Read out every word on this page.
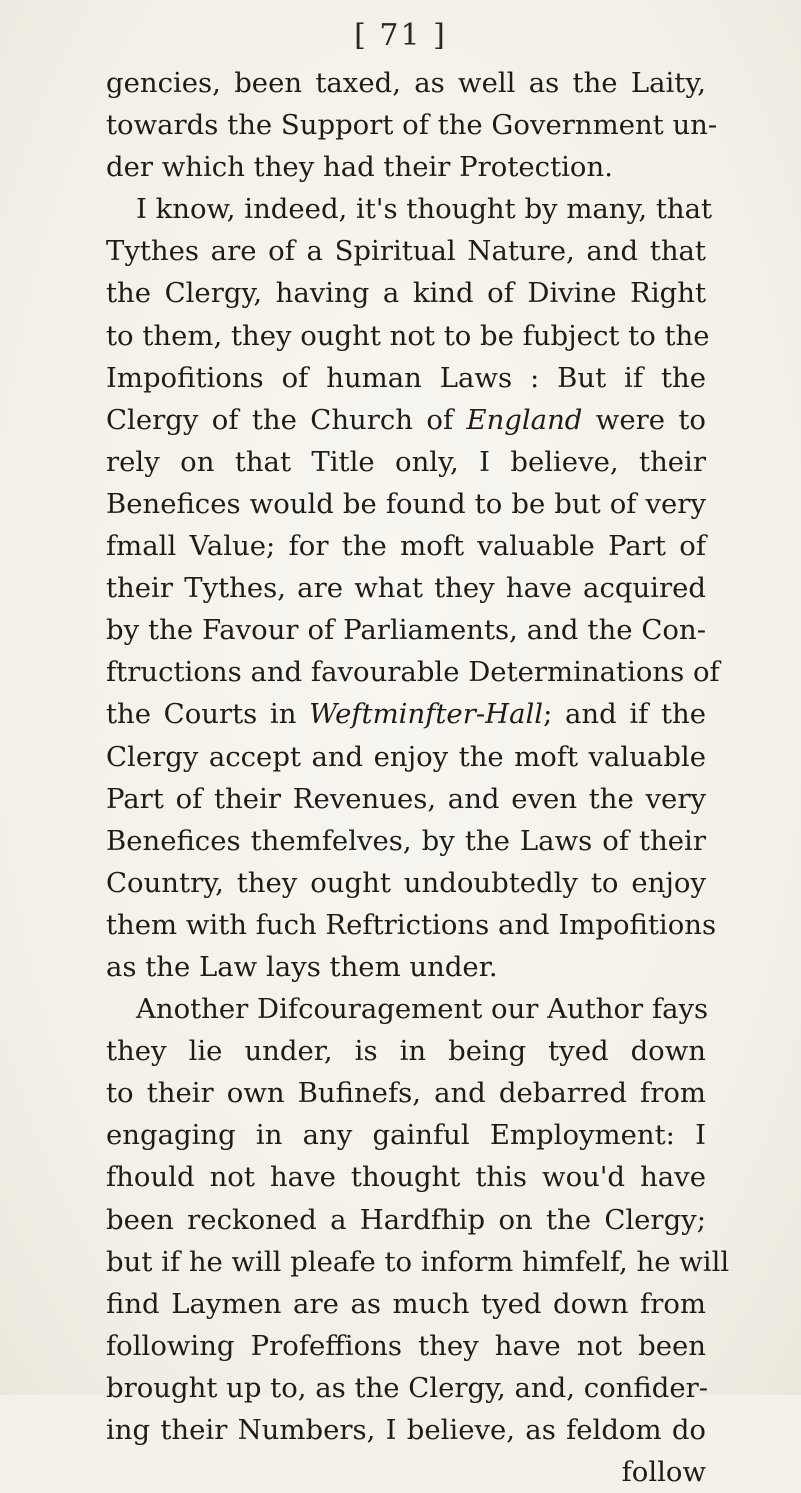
[ 71 ]
gencies, been taxed, as well as the Laity,
towards the Support of the Government un-
der which they had their Protection.
I know, indeed, it's thought by many, that
Tythes are of a Spiritual Nature, and that
the Clergy, having a kind of Divine Right
to them, they ought not to be fubject to the
Impofitions of human Laws : But if the
Clergy of the Church of England were to
rely on that Title only, I believe, their
Benefices would be found to be but of very
fmall Value; for the moft valuable Part of
their Tythes, are what they have acquired
by the Favour of Parliaments, and the Con-
ftructions and favourable Determinations of
the Courts in Weftminfter-Hall; and if the
Clergy accept and enjoy the moft valuable
Part of their Revenues, and even the very
Benefices themfelves, by the Laws of their
Country, they ought undoubtedly to enjoy
them with fuch Reftrictions and Impofitions
as the Law lays them under.
Another Difcouragement our Author fays
they lie under, is in being tyed down
to their own Bufinefs, and debarred from
engaging in any gainful Employment: I
fhould not have thought this wou'd have
been reckoned a Hardfhip on the Clergy;
but if he will pleafe to inform himfelf, he will
find Laymen are as much tyed down from
following Profeffions they have not been
brought up to, as the Clergy, and, confider-
ing their Numbers, I believe, as feldom do
follow
